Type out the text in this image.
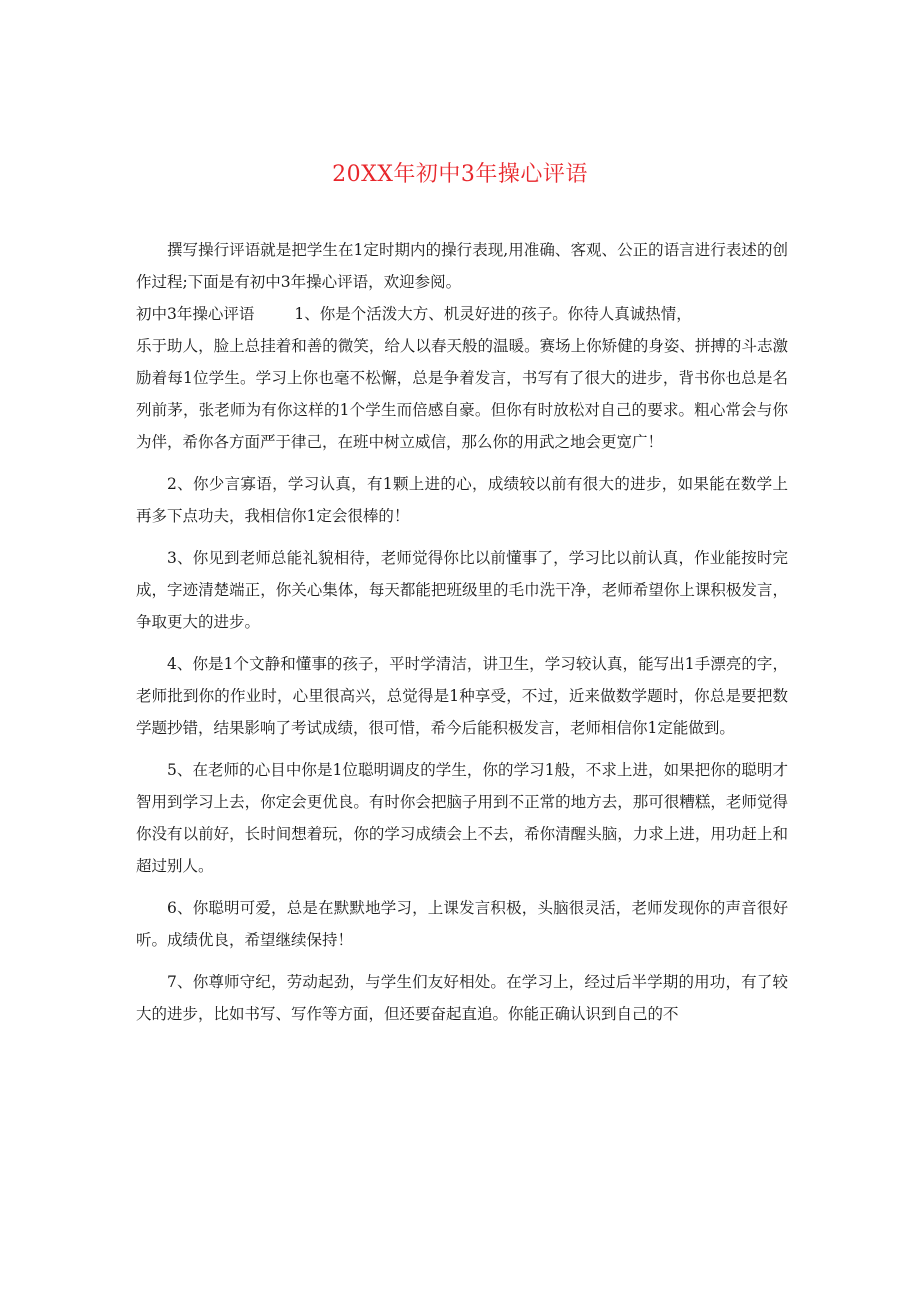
20XX年初中3年操心评语

撰写操行评语就是把学生在1定时期内的操行表现,用准确、客观、公正的语言进行表述的创作过程;下面是有初中3年操心评语，欢迎参阅。

初中3年操心评语	1、你是个活泼大方、机灵好进的孩子。你待人真诚热情，

乐于助人，脸上总挂着和善的微笑，给人以春天般的温暖。赛场上你矫健的身姿、拼搏的斗志激励着每1位学生。学习上你也毫不松懈，总是争着发言，书写有了很大的进步，背书你也总是名列前茅，张老师为有你这样的1个学生而倍感自豪。但你有时放松对自己的要求。粗心常会与你为伴，希你各方面严于律己，在班中树立威信，那么你的用武之地会更宽广！

2、你少言寡语，学习认真，有1颗上进的心，成绩较以前有很大的进步，如果能在数学上再多下点功夫，我相信你1定会很棒的！

3、你见到老师总能礼貌相待，老师觉得你比以前懂事了，学习比以前认真，作业能按时完成，字迹清楚端正，你关心集体，每天都能把班级里的毛巾洗干净，老师希望你上课积极发言，争取更大的进步。

4、你是1个文静和懂事的孩子，平时学清洁，讲卫生，学习较认真，能写出1手漂亮的字，老师批到你的作业时，心里很高兴，总觉得是1种享受，不过，近来做数学题时，你总是要把数学题抄错，结果影响了考试成绩，很可惜，希今后能积极发言，老师相信你1定能做到。

5、在老师的心目中你是1位聪明调皮的学生，你的学习1般，不求上进，如果把你的聪明才智用到学习上去，你定会更优良。有时你会把脑子用到不正常的地方去，那可很糟糕，老师觉得你没有以前好，长时间想着玩，你的学习成绩会上不去，希你清醒头脑，力求上进，用功赶上和超过别人。

6、你聪明可爱，总是在默默地学习，上课发言积极，头脑很灵活，老师发现你的声音很好听。成绩优良，希望继续保持！

7、你尊师守纪，劳动起劲，与学生们友好相处。在学习上，经过后半学期的用功，有了较大的进步，比如书写、写作等方面，但还要奋起直追。你能正确认识到自己的不
